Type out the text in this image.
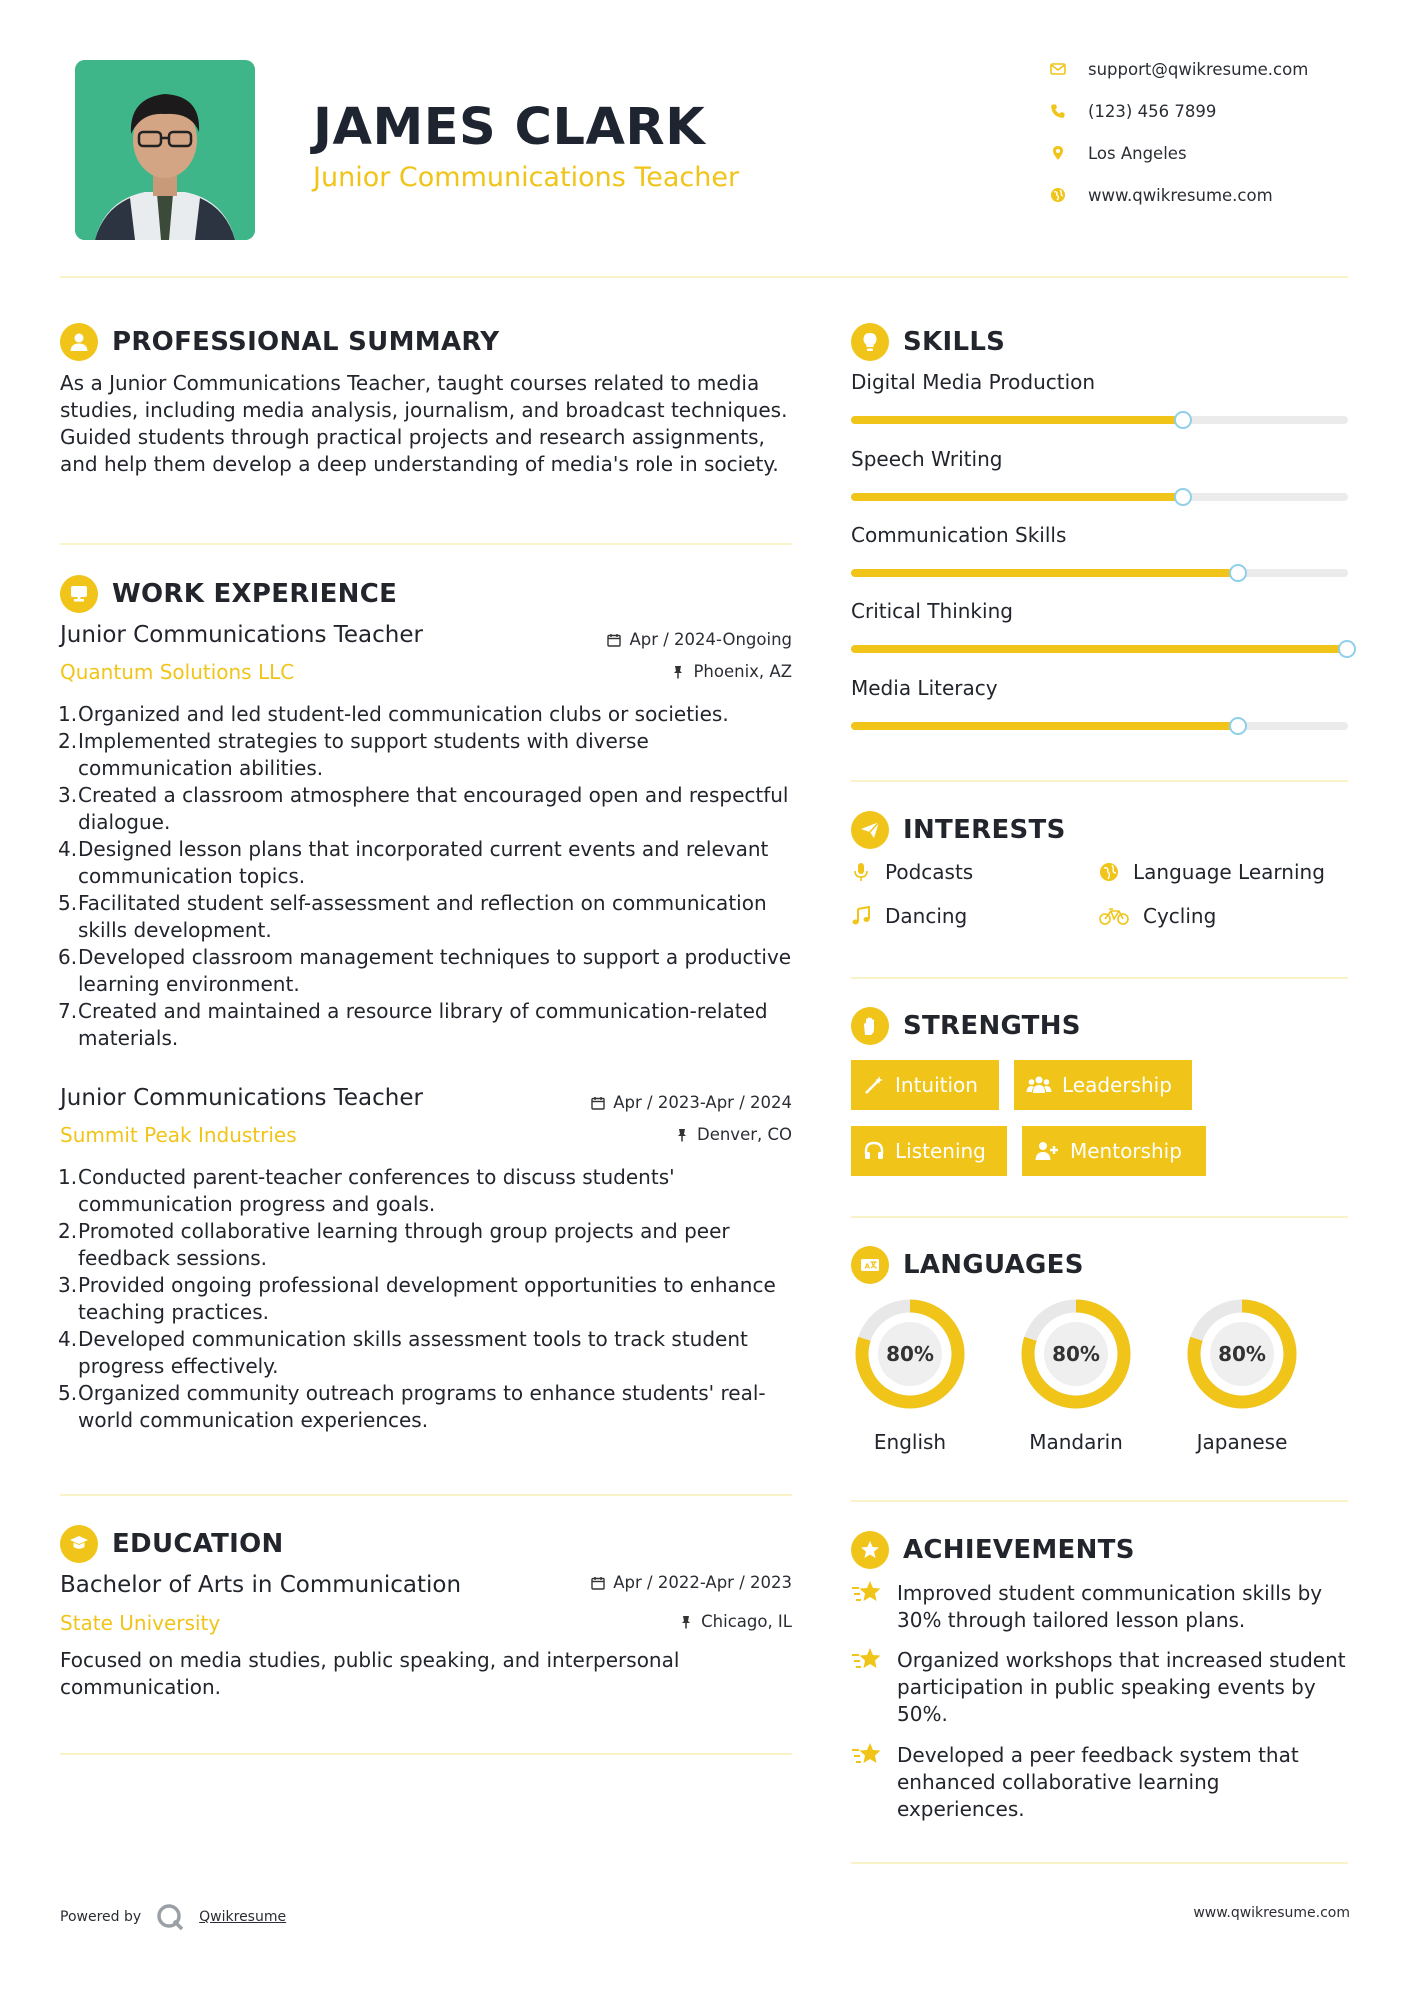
JAMES CLARK
Junior Communications Teacher
support@qwikresume.com
(123) 456 7899
Los Angeles
www.qwikresume.com
PROFESSIONAL SUMMARY
As a Junior Communications Teacher, taught courses related to media studies, including media analysis, journalism, and broadcast techniques. Guided students through practical projects and research assignments, and help them develop a deep understanding of media's role in society.
WORK EXPERIENCE
Junior Communications Teacher	Apr / 2024-Ongoing
Quantum Solutions LLC	Phoenix, AZ
1. Organized and led student-led communication clubs or societies.
2. Implemented strategies to support students with diverse communication abilities.
3. Created a classroom atmosphere that encouraged open and respectful dialogue.
4. Designed lesson plans that incorporated current events and relevant communication topics.
5. Facilitated student self-assessment and reflection on communication skills development.
6. Developed classroom management techniques to support a productive learning environment.
7. Created and maintained a resource library of communication-related materials.
Junior Communications Teacher	Apr / 2023-Apr / 2024
Summit Peak Industries	Denver, CO
1. Conducted parent-teacher conferences to discuss students' communication progress and goals.
2. Promoted collaborative learning through group projects and peer feedback sessions.
3. Provided ongoing professional development opportunities to enhance teaching practices.
4. Developed communication skills assessment tools to track student progress effectively.
5. Organized community outreach programs to enhance students' real-world communication experiences.
EDUCATION
Bachelor of Arts in Communication	Apr / 2022-Apr / 2023
State University	Chicago, IL
Focused on media studies, public speaking, and interpersonal communication.
SKILLS
Digital Media Production
Speech Writing
Communication Skills
Critical Thinking
Media Literacy
INTERESTS
Podcasts	Language Learning
Dancing	Cycling
STRENGTHS
Intuition	Leadership
Listening	Mentorship
A LANGUAGES
80%
English
80%
Mandarin
80%
Japanese
ACHIEVEMENTS
Improved student communication skills by 30% through tailored lesson plans.
Organized workshops that increased student participation in public speaking events by 50%.
Developed a peer feedback system that enhanced collaborative learning experiences.
Powered by	Qwikresume	www.qwikresume.com
